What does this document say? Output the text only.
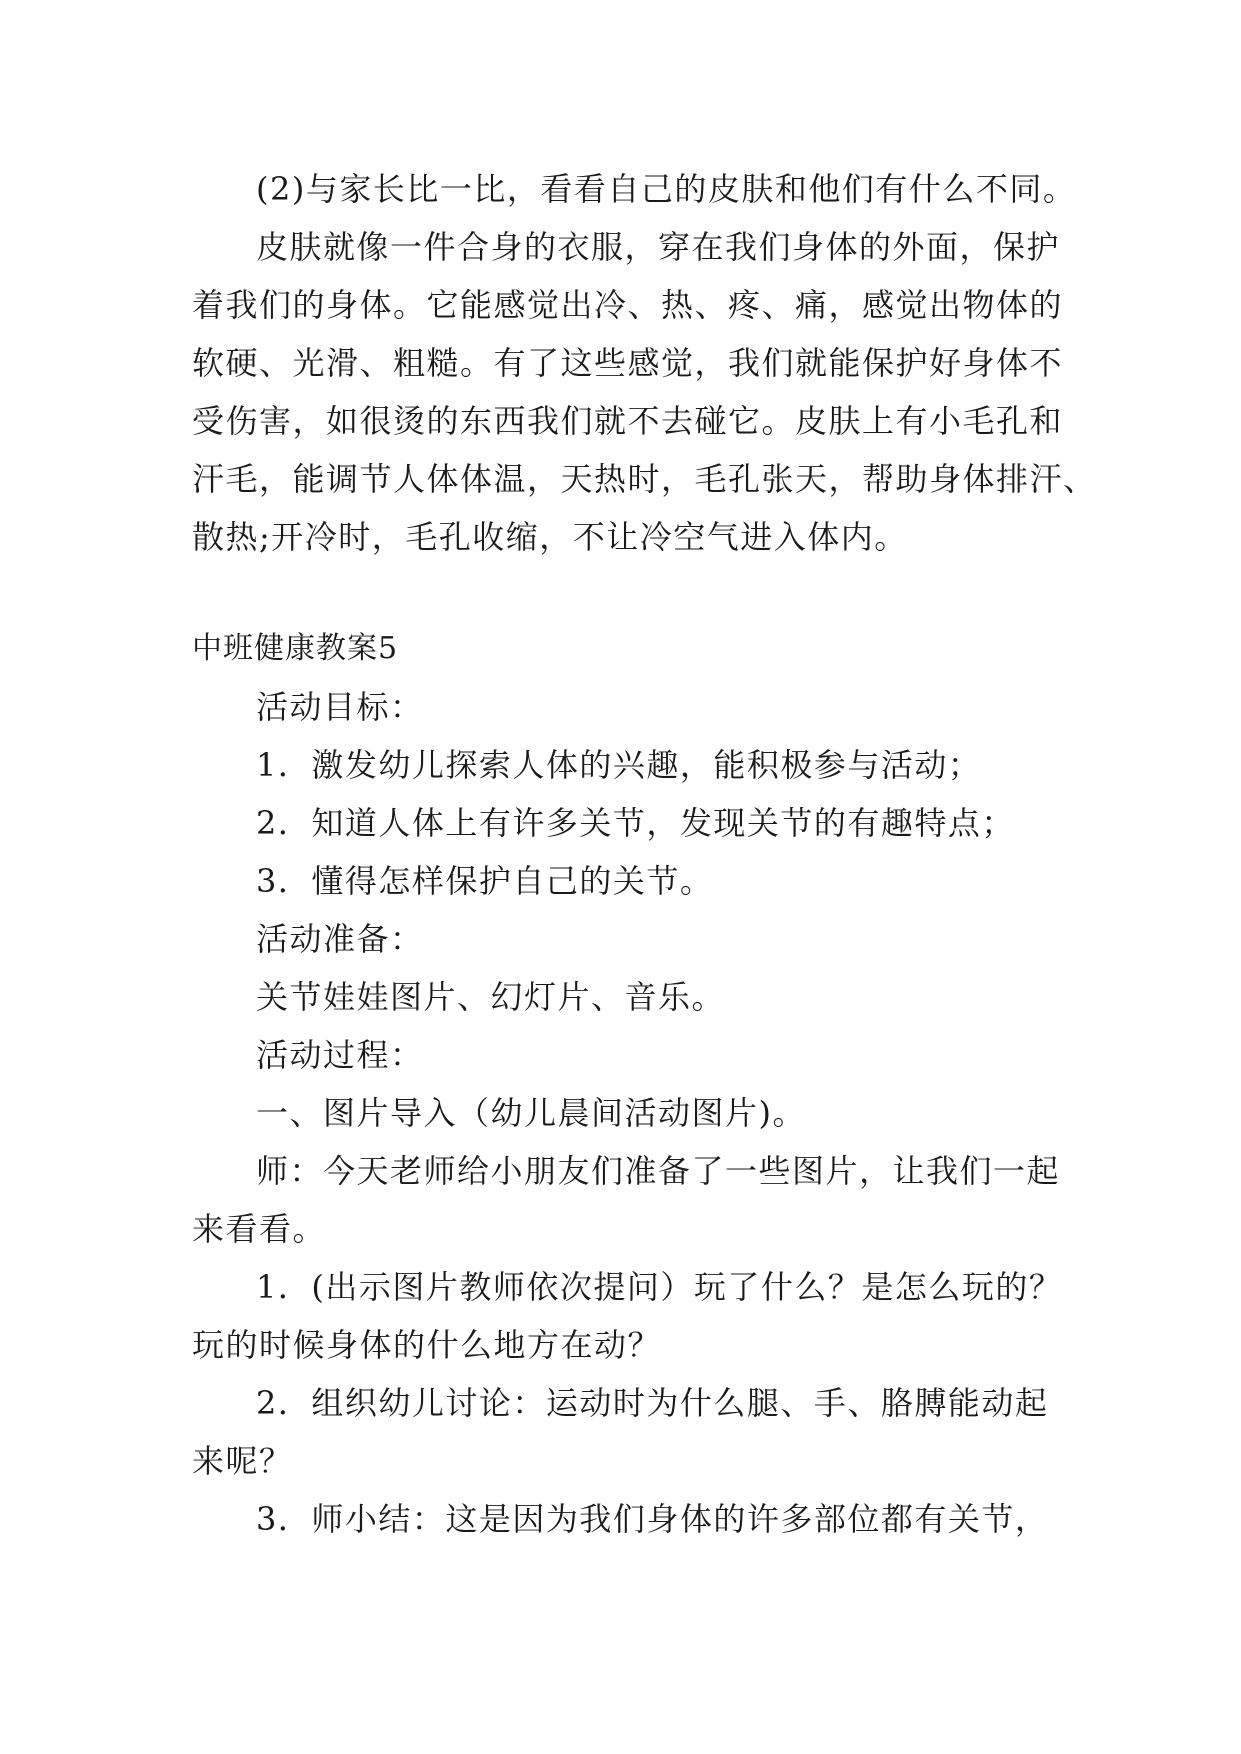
(2)与家长比一比，看看自己的皮肤和他们有什么不同。

皮肤就像一件合身的衣服，穿在我们身体的外面，保护

着我们的身体。它能感觉出冷、热、疼、痛，感觉出物体的

软硬、光滑、粗糙。有了这些感觉，我们就能保护好身体不

受伤害，如很烫的东西我们就不去碰它。皮肤上有小毛孔和

汗毛，能调节人体体温，天热时，毛孔张天，帮助身体排汗、

散热;开冷时，毛孔收缩，不让冷空气进入体内。

中班健康教案5

活动目标：

1．激发幼儿探索人体的兴趣，能积极参与活动；

2．知道人体上有许多关节，发现关节的有趣特点；

3．懂得怎样保护自己的关节。

活动准备：

关节娃娃图片、幻灯片、音乐。

活动过程：

一、图片导入（幼儿晨间活动图片)。

师：今天老师给小朋友们准备了一些图片，让我们一起

来看看。

1．(出示图片教师依次提问）玩了什么？是怎么玩的？

玩的时候身体的什么地方在动？

2．组织幼儿讨论：运动时为什么腿、手、胳膊能动起

来呢？

3．师小结：这是因为我们身体的许多部位都有关节，
